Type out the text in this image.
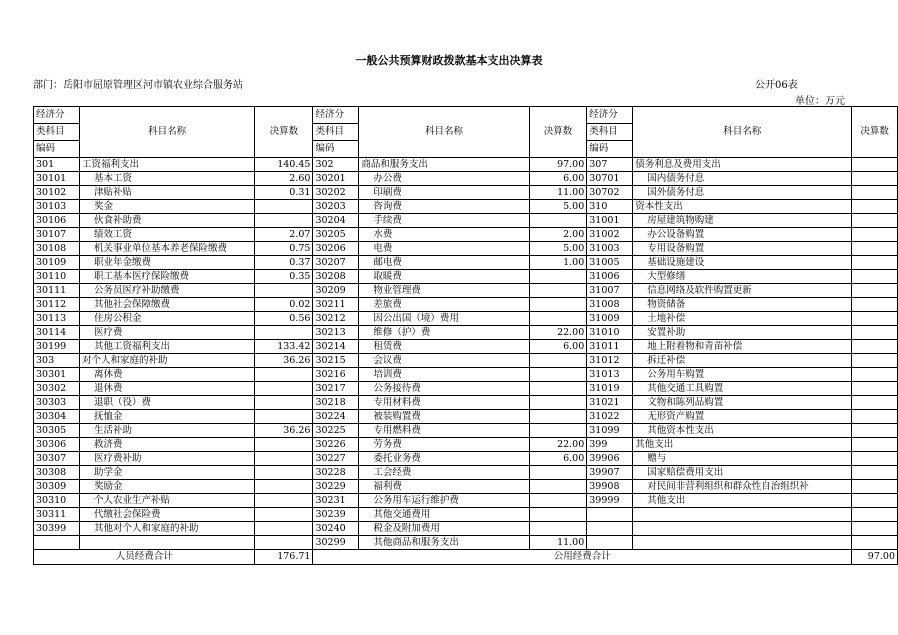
一般公共预算财政拨款基本支出决算表
部门：岳阳市屈原管理区河市镇农业综合服务站	公开06表
单位：万元
经济分	科目名称	决算数	经济分	科目名称	决算数	经济分	科目名称	决算数
类科目			类科目			类科目		
编码			编码			编码		
301	工资福利支出	140.45	302	商品和服务支出	97.00	307	债务利息及费用支出	
30101	基本工资	2.60	30201	办公费	6.00	30701	国内债务付息	
30102	津贴补贴	0.31	30202	印刷费	11.00	30702	国外债务付息	
30103	奖金		30203	咨询费	5.00	310	资本性支出	
30106	伙食补助费		30204	手续费		31001	房屋建筑物购建	
30107	绩效工资	2.07	30205	水费	2.00	31002	办公设备购置	
30108	机关事业单位基本养老保险缴费	0.75	30206	电费	5.00	31003	专用设备购置	
30109	职业年金缴费	0.37	30207	邮电费	1.00	31005	基础设施建设	
30110	职工基本医疗保险缴费	0.35	30208	取暖费		31006	大型修缮	
30111	公务员医疗补助缴费		30209	物业管理费		31007	信息网络及软件购置更新	
30112	其他社会保障缴费	0.02	30211	差旅费		31008	物资储备	
30113	住房公积金	0.56	30212	因公出国（境）费用		31009	土地补偿	
30114	医疗费		30213	维修（护）费	22.00	31010	安置补助	
30199	其他工资福利支出	133.42	30214	租赁费	6.00	31011	地上附着物和青苗补偿	
303	对个人和家庭的补助	36.26	30215	会议费		31012	拆迁补偿	
30301	离休费		30216	培训费		31013	公务用车购置	
30302	退休费		30217	公务接待费		31019	其他交通工具购置	
30303	退职（役）费		30218	专用材料费		31021	文物和陈列品购置	
30304	抚恤金		30224	被装购置费		31022	无形资产购置	
30305	生活补助	36.26	30225	专用燃料费		31099	其他资本性支出	
30306	救济费		30226	劳务费	22.00	399	其他支出	
30307	医疗费补助		30227	委托业务费	6.00	39906	赠与	
30308	助学金		30228	工会经费		39907	国家赔偿费用支出	
30309	奖励金		30229	福利费		39908	对民间非营利组织和群众性自治组织补	
30310	个人农业生产补贴		30231	公务用车运行维护费		39999	其他支出	
30311	代缴社会保险费		30239	其他交通费用				
30399	其他对个人和家庭的补助		30240	税金及附加费用				
			30299	其他商品和服务支出	11.00			
人员经费合计		176.71	公用经费合计					97.00
